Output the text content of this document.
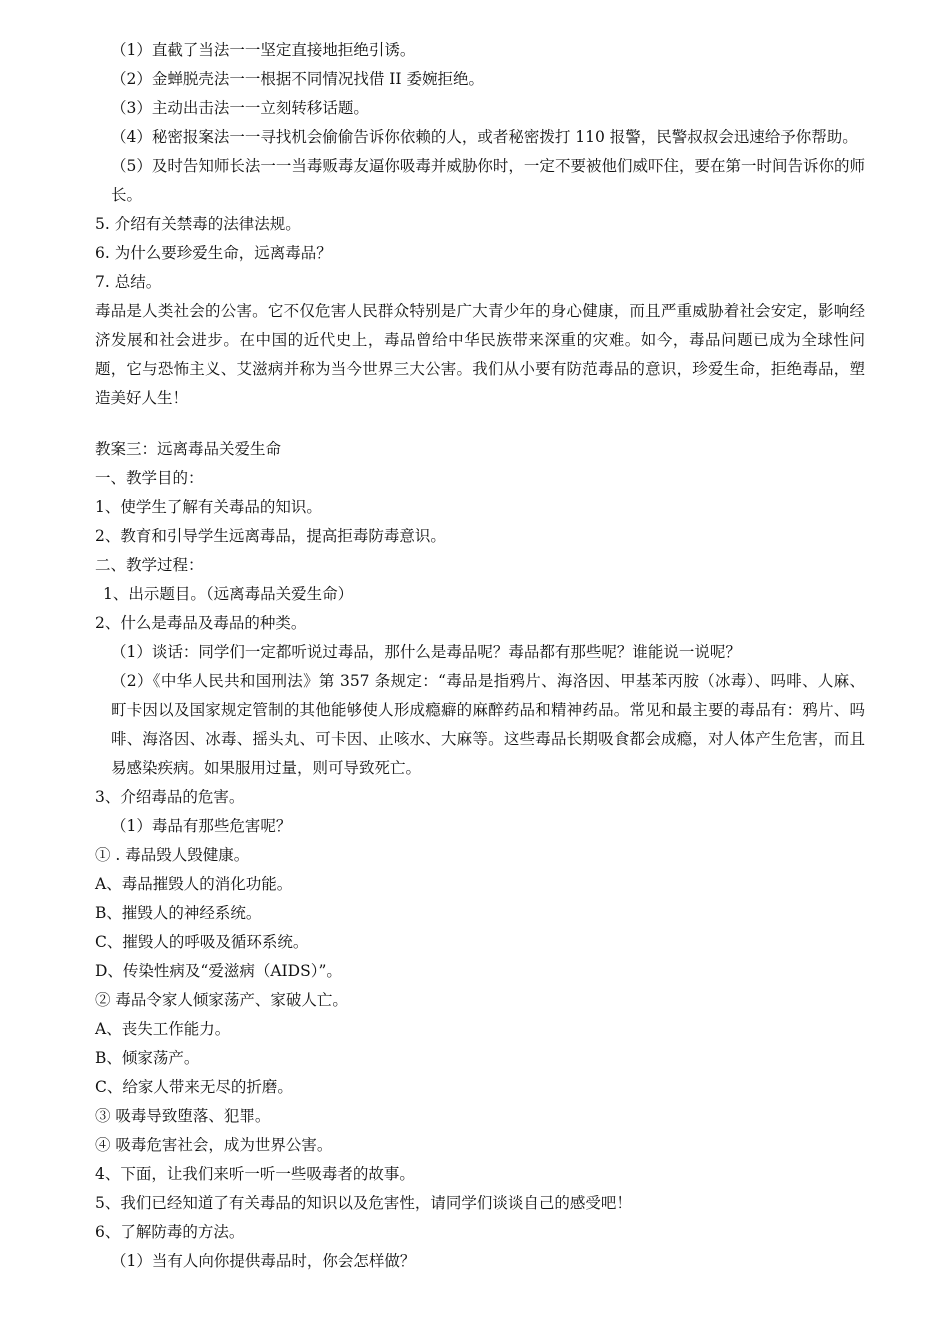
（1）直截了当法一一坚定直接地拒绝引诱。
（2）金蝉脱壳法一一根据不同情况找借 II 委婉拒绝。
（3）主动出击法一一立刻转移话题。
（4）秘密报案法一一寻找机会偷偷告诉你依赖的人，或者秘密拨打 110 报警，民警叔叔会迅速给予你帮助。
（5）及时告知师长法一一当毒贩毒友逼你吸毒并威胁你时，一定不要被他们威吓住，要在第一时间告诉你的师长。
5. 介绍有关禁毒的法律法规。
6. 为什么要珍爱生命，远离毒品？
7. 总结。
毒品是人类社会的公害。它不仅危害人民群众特别是广大青少年的身心健康，而且严重威胁着社会安定，影响经济发展和社会进步。在中国的近代史上，毒品曾给中华民族带来深重的灾难。如今，毒品问题已成为全球性问题，它与恐怖主义、艾滋病并称为当今世界三大公害。我们从小要有防范毒品的意识，珍爱生命，拒绝毒品，塑造美好人生！
教案三：远离毒品关爱生命
一、教学目的：
1、使学生了解有关毒品的知识。
2、教育和引导学生远离毒品，提高拒毒防毒意识。
二、教学过程：
1、出示题目。（远离毒品关爱生命）
2、什么是毒品及毒品的种类。
（1）谈话：同学们一定都听说过毒品，那什么是毒品呢？毒品都有那些呢？谁能说一说呢？
（2）《中华人民共和国刑法》第 357 条规定：“毒品是指鸦片、海洛因、甲基苯丙胺（冰毒）、吗啡、人麻、町卡因以及国家规定管制的其他能够使人形成瘾癖的麻醉药品和精神药品。常见和最主要的毒品有：鸦片、吗啡、海洛因、冰毒、摇头丸、可卡因、止咳水、大麻等。这些毒品长期吸食都会成瘾，对人体产生危害，而且易感染疾病。如果服用过量，则可导致死亡。
3、介绍毒品的危害。
（1）毒品有那些危害呢？
① . 毒品毁人毁健康。
A、毒品摧毁人的消化功能。
B、摧毁人的神经系统。
C、摧毁人的呼吸及循环系统。
D、传染性病及“爱滋病（AIDS）”。
② 毒品令家人倾家荡产、家破人亡。
A、丧失工作能力。
B、倾家荡产。
C、给家人带来无尽的折磨。
③ 吸毒导致堕落、犯罪。
④ 吸毒危害社会，成为世界公害。
4、下面，让我们来听一听一些吸毒者的故事。
5、我们已经知道了有关毒品的知识以及危害性，请同学们谈谈自己的感受吧！
6、了解防毒的方法。
（1）当有人向你提供毒品时，你会怎样做？
